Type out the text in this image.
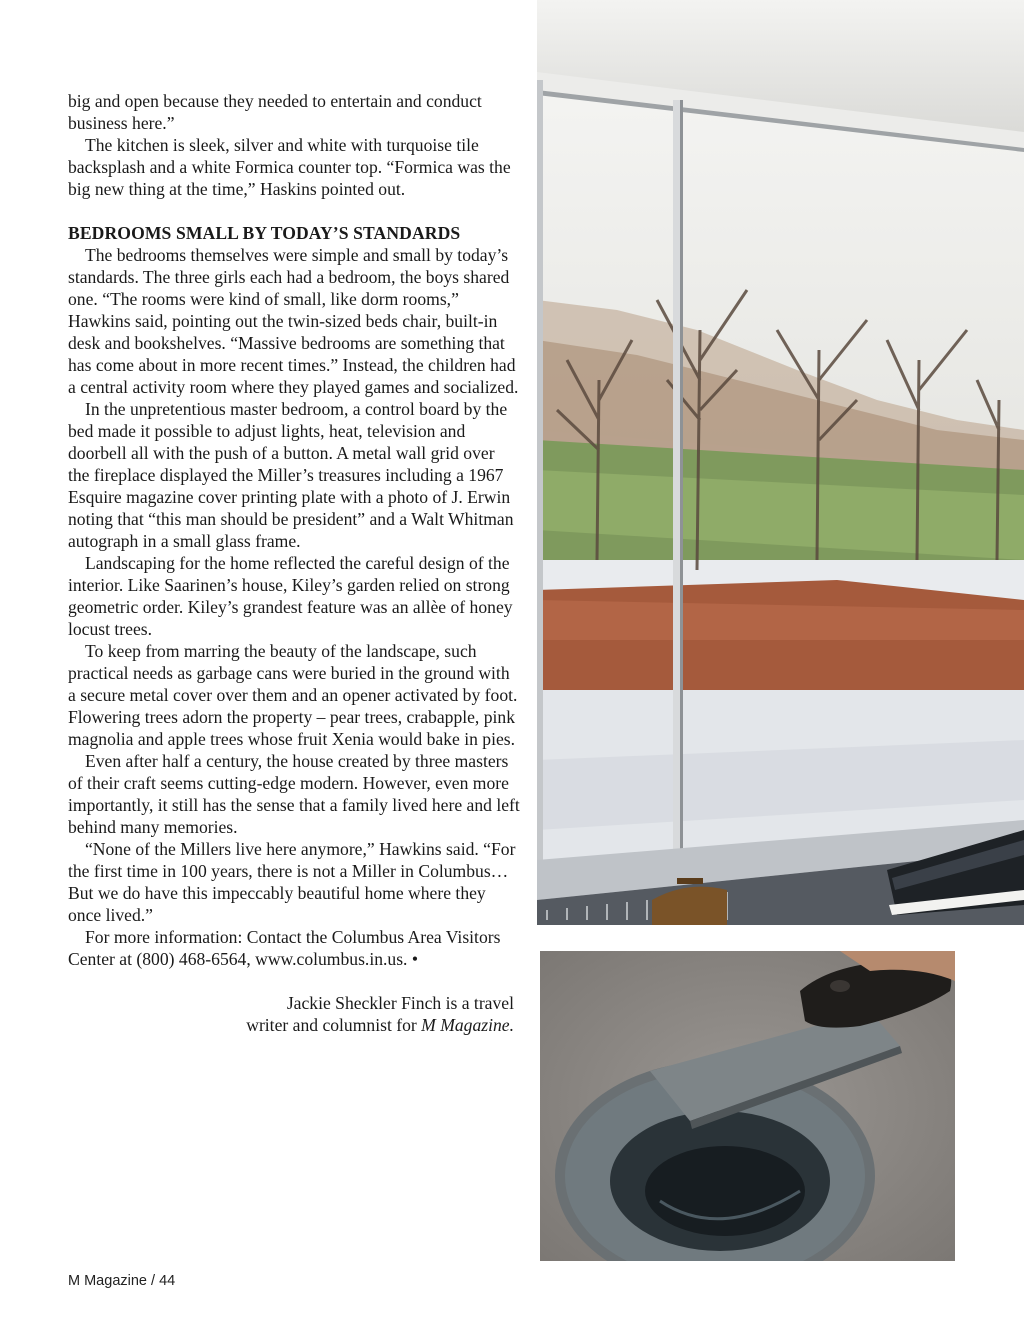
big and open because they needed to entertain and conduct business here.”

The kitchen is sleek, silver and white with turquoise tile backsplash and a white Formica counter top. “Formica was the big new thing at the time,” Haskins pointed out.

BEDROOMS SMALL BY TODAY’S STANDARDS

The bedrooms themselves were simple and small by today’s standards. The three girls each had a bedroom, the boys shared one. “The rooms were kind of small, like dorm rooms,” Hawkins said, pointing out the twin-sized beds chair, built-in desk and bookshelves. “Massive bedrooms are something that has come about in more recent times.” Instead, the children had a central activity room where they played games and socialized.

In the unpretentious master bedroom, a control board by the bed made it possible to adjust lights, heat, television and doorbell all with the push of a button. A metal wall grid over the fireplace displayed the Miller’s treasures including a 1967 Esquire magazine cover printing plate with a photo of J. Erwin noting that “this man should be president” and a Walt Whitman autograph in a small glass frame.

Landscaping for the home reflected the careful design of the interior. Like Saarinen’s house, Kiley’s garden relied on strong geometric order. Kiley’s grandest feature was an allèe of honey locust trees.

To keep from marring the beauty of the landscape, such practical needs as garbage cans were buried in the ground with a secure metal cover over them and an opener activated by foot. Flowering trees adorn the property – pear trees, crabapple, pink magnolia and apple trees whose fruit Xenia would bake in pies.

Even after half a century, the house created by three masters of their craft seems cutting-edge modern. However, even more importantly, it still has the sense that a family lived here and left behind many memories.

“None of the Millers live here anymore,” Hawkins said. “For the first time in 100 years, there is not a Miller in Columbus… But we do have this impeccably beautiful home where they once lived.”

For more information: Contact the Columbus Area Visitors Center at (800) 468-6564, www.columbus.in.us. •

Jackie Sheckler Finch is a travel
writer and columnist for M Magazine.
M Magazine / 44
